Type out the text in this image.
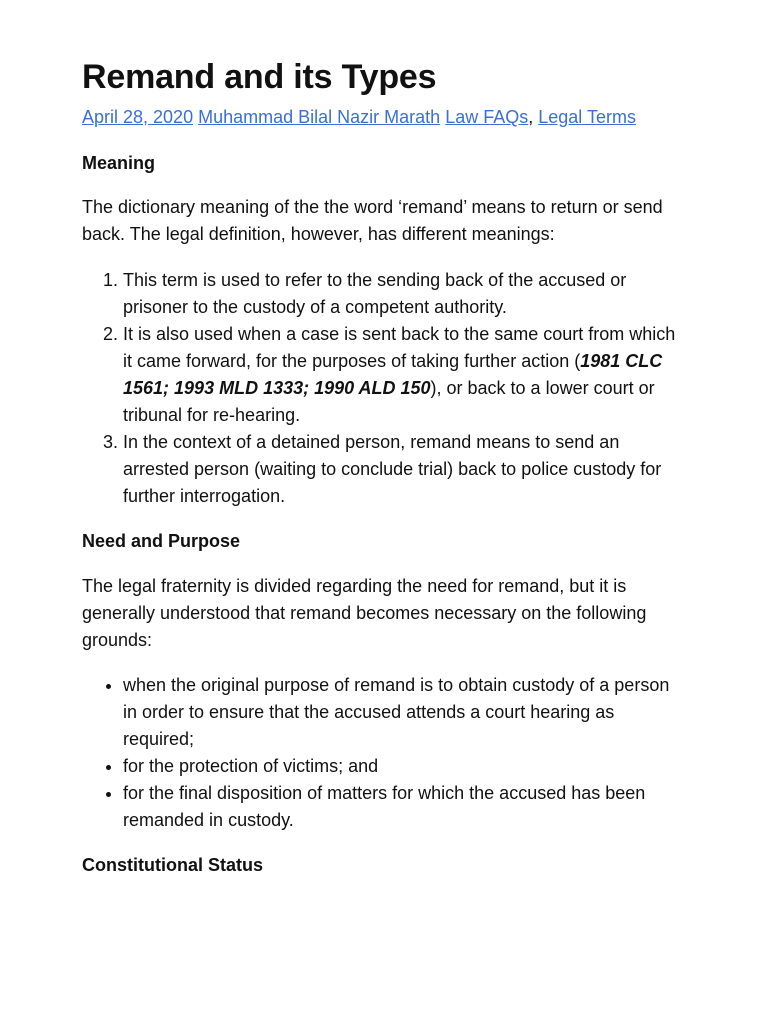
Remand and its Types
April 28, 2020 Muhammad Bilal Nazir Marath Law FAQs, Legal Terms
Meaning

The dictionary meaning of the the word ‘remand’ means to return or send back. The legal definition, however, has different meanings:

1. This term is used to refer to the sending back of the accused or prisoner to the custody of a competent authority.
2. It is also used when a case is sent back to the same court from which it came forward, for the purposes of taking further action (1981 CLC 1561; 1993 MLD 1333; 1990 ALD 150), or back to a lower court or tribunal for re-hearing.
3. In the context of a detained person, remand means to send an arrested person (waiting to conclude trial) back to police custody for further interrogation.
Need and Purpose

The legal fraternity is divided regarding the need for remand, but it is generally understood that remand becomes necessary on the following grounds:

• when the original purpose of remand is to obtain custody of a person in order to ensure that the accused attends a court hearing as required;
• for the protection of victims; and
• for the final disposition of matters for which the accused has been remanded in custody.
Constitutional Status
